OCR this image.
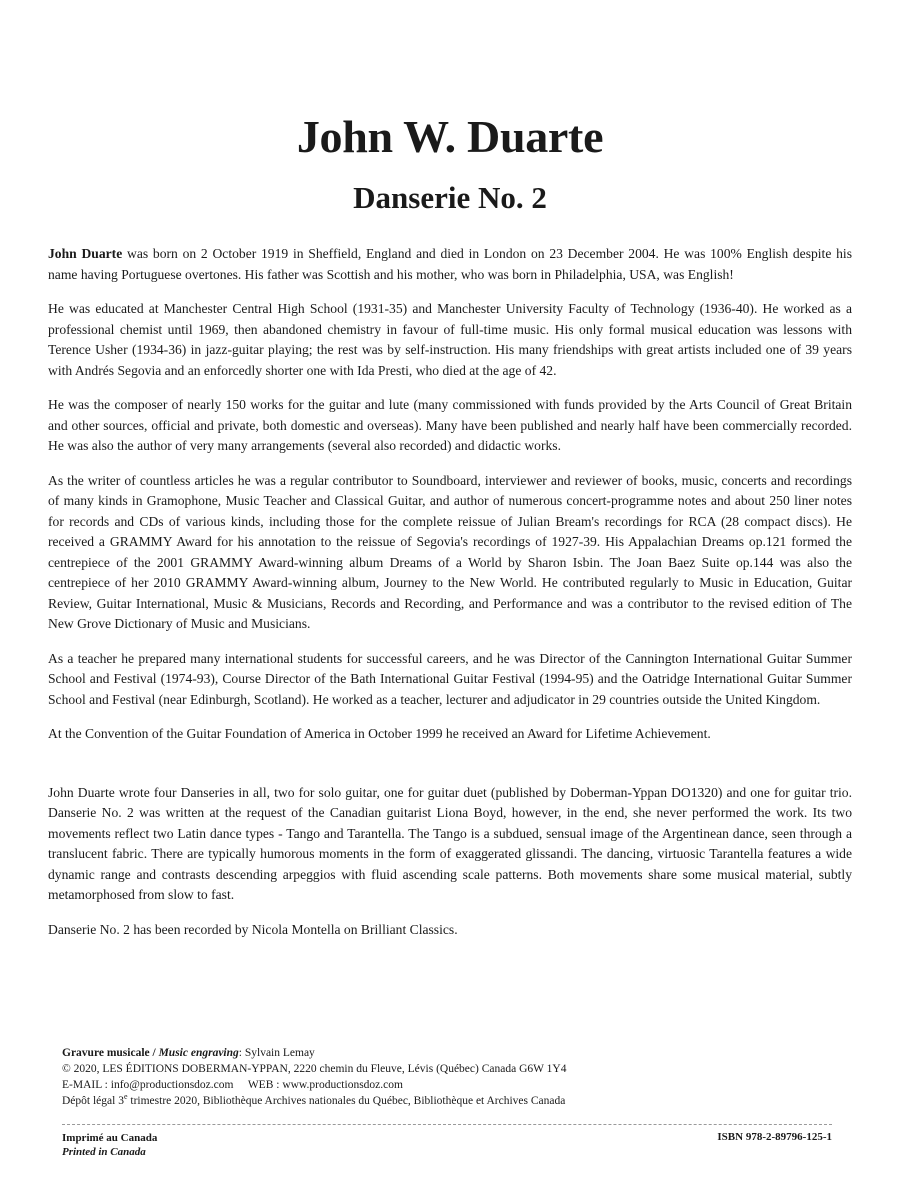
John W. Duarte
Danserie No. 2

John Duarte was born on 2 October 1919 in Sheffield, England and died in London on 23 December 2004. He was 100% English despite his name having Portuguese overtones. His father was Scottish and his mother, who was born in Philadelphia, USA, was English!

He was educated at Manchester Central High School (1931-35) and Manchester University Faculty of Technology (1936-40). He worked as a professional chemist until 1969, then abandoned chemistry in favour of full-time music. His only formal musical education was lessons with Terence Usher (1934-36) in jazz-guitar playing; the rest was by self-instruction. His many friendships with great artists included one of 39 years with Andrés Segovia and an enforcedly shorter one with Ida Presti, who died at the age of 42.

He was the composer of nearly 150 works for the guitar and lute (many commissioned with funds provided by the Arts Council of Great Britain and other sources, official and private, both domestic and overseas). Many have been published and nearly half have been commercially recorded. He was also the author of very many arrangements (several also recorded) and didactic works.

As the writer of countless articles he was a regular contributor to Soundboard, interviewer and reviewer of books, music, concerts and recordings of many kinds in Gramophone, Music Teacher and Classical Guitar, and author of numerous concert-programme notes and about 250 liner notes for records and CDs of various kinds, including those for the complete reissue of Julian Bream's recordings for RCA (28 compact discs). He received a GRAMMY Award for his annotation to the reissue of Segovia's recordings of 1927-39. His Appalachian Dreams op.121 formed the centrepiece of the 2001 GRAMMY Award-winning album Dreams of a World by Sharon Isbin. The Joan Baez Suite op.144 was also the centrepiece of her 2010 GRAMMY Award-winning album, Journey to the New World. He contributed regularly to Music in Education, Guitar Review, Guitar International, Music & Musicians, Records and Recording, and Performance and was a contributor to the revised edition of The New Grove Dictionary of Music and Musicians.

As a teacher he prepared many international students for successful careers, and he was Director of the Cannington International Guitar Summer School and Festival (1974-93), Course Director of the Bath International Guitar Festival (1994-95) and the Oatridge International Guitar Summer School and Festival (near Edinburgh, Scotland). He worked as a teacher, lecturer and adjudicator in 29 countries outside the United Kingdom.

At the Convention of the Guitar Foundation of America in October 1999 he received an Award for Lifetime Achievement.

John Duarte wrote four Danseries in all, two for solo guitar, one for guitar duet (published by Doberman-Yppan DO1320) and one for guitar trio. Danserie No. 2 was written at the request of the Canadian guitarist Liona Boyd, however, in the end, she never performed the work. Its two movements reflect two Latin dance types - Tango and Tarantella. The Tango is a subdued, sensual image of the Argentinean dance, seen through a translucent fabric. There are typically humorous moments in the form of exaggerated glissandi. The dancing, virtuosic Tarantella features a wide dynamic range and contrasts descending arpeggios with fluid ascending scale patterns. Both movements share some musical material, subtly metamorphosed from slow to fast.

Danserie No. 2 has been recorded by Nicola Montella on Brilliant Classics.

Gravure musicale / Music engraving: Sylvain Lemay
© 2020, LES ÉDITIONS DOBERMAN-YPPAN, 2220 chemin du Fleuve, Lévis (Québec) Canada G6W 1Y4
E-MAIL : info@productionsdoz.com WEB : www.productionsdoz.com
Dépôt légal 3e trimestre 2020, Bibliothèque Archives nationales du Québec, Bibliothèque et Archives Canada
Imprimé au Canada
Printed in Canada
ISBN 978-2-89796-125-1
